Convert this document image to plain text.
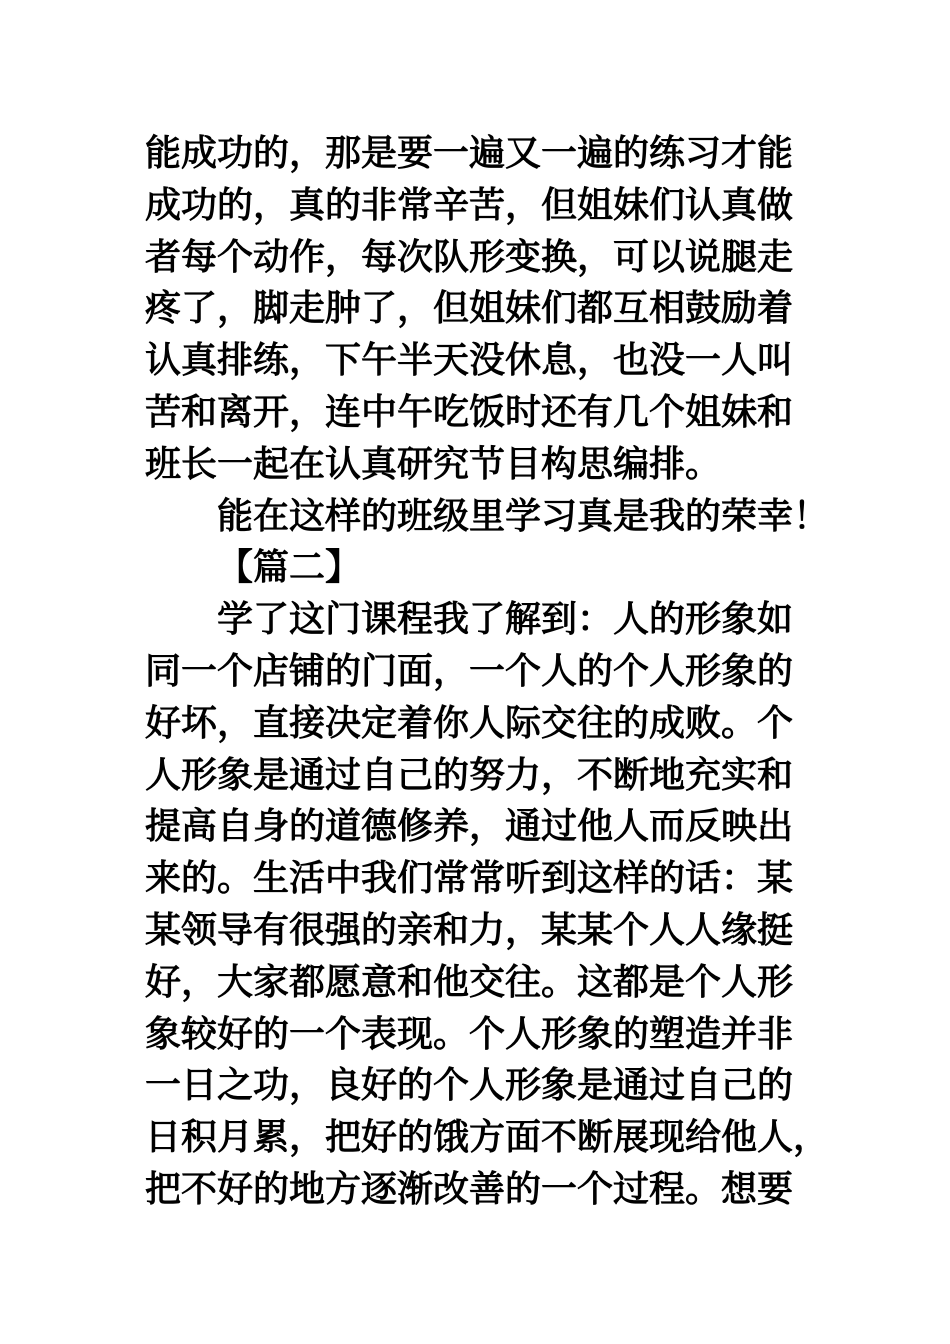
能成功的，那是要一遍又一遍的练习才能
成功的，真的非常辛苦，但姐妹们认真做
者每个动作，每次队形变换，可以说腿走
疼了，脚走肿了，但姐妹们都互相鼓励着
认真排练，下午半天没休息，也没一人叫
苦和离开，连中午吃饭时还有几个姐妹和
班长一起在认真研究节目构思编排。
能在这样的班级里学习真是我的荣幸！
【篇二】
学了这门课程我了解到：人的形象如
同一个店铺的门面，一个人的个人形象的
好坏，直接决定着你人际交往的成败。个
人形象是通过自己的努力，不断地充实和
提高自身的道德修养，通过他人而反映出
来的。生活中我们常常听到这样的话：某
某领导有很强的亲和力，某某个人人缘挺
好，大家都愿意和他交往。这都是个人形
象较好的一个表现。个人形象的塑造并非
一日之功，良好的个人形象是通过自己的
日积月累，把好的饿方面不断展现给他人，
把不好的地方逐渐改善的一个过程。想要
